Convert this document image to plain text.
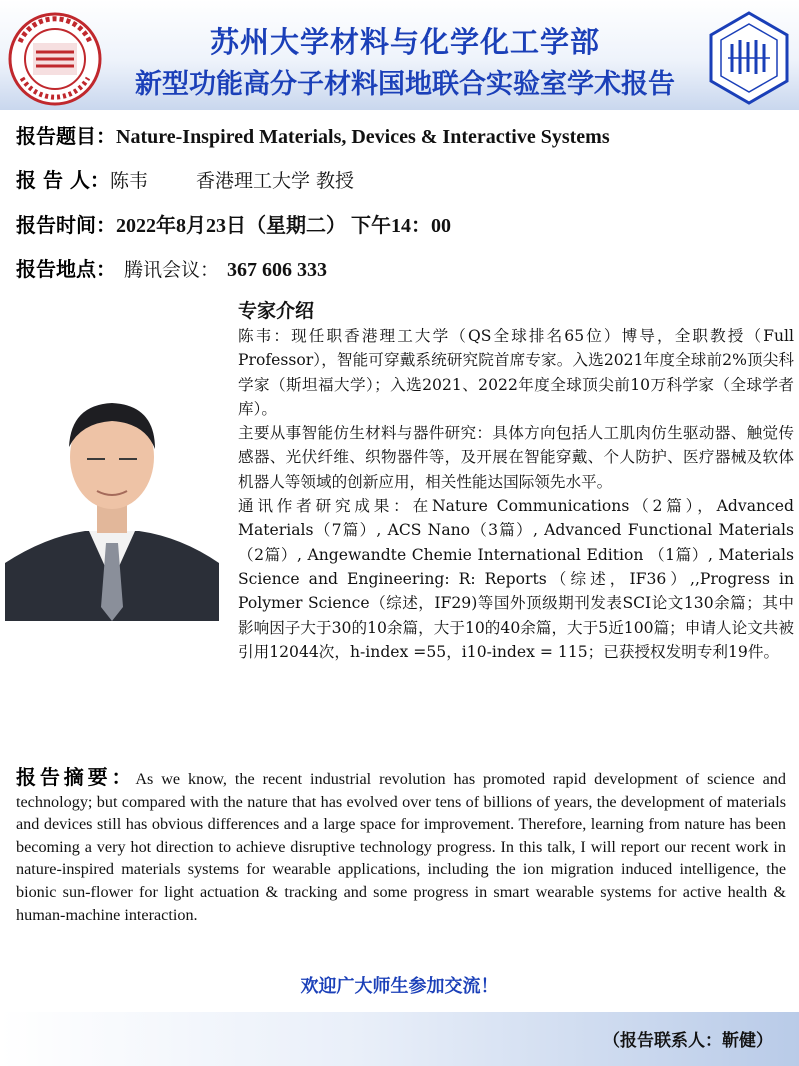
苏州大学材料与化学化工学部
新型功能高分子材料国地联合实验室学术报告
报告题目：Nature-Inspired Materials, Devices & Interactive Systems
报 告 人：陈韦	香港理工大学 教授
报告时间：2022年8月23日（星期二） 下午14：00
报告地点： 腾讯会议： 367 606 333
专家介绍

陈韦：现任职香港理工大学（QS全球排名65位）博导，全职教授（Full Professor），智能可穿戴系统研究院首席专家。入选2021年度全球前2%顶尖科学家（斯坦福大学）；入选2021、2022年度全球顶尖前10万科学家（全球学者库）。

主要从事智能仿生材料与器件研究：具体方向包括人工肌肉仿生驱动器、触觉传感器、光伏纤维、织物器件等，及开展在智能穿戴、个人防护、医疗器械及软体机器人等领域的创新应用，相关性能达国际领先水平。

通讯作者研究成果：在Nature Communications（2篇），Advanced Materials（7篇）, ACS Nano（3篇）, Advanced Functional Materials （2篇）, Angewandte Chemie International Edition （1篇）, Materials Science and Engineering: R: Reports（综述，IF36）,,Progress in Polymer Science（综述，IF29)等国外顶级期刊发表SCI论文130余篇；其中影响因子大于30的10余篇，大于10的40余篇，大于5近100篇；申请人论文共被引用12044次，h-index =55，i10-index = 115；已获授权发明专利19件。

报告摘要：As we know, the recent industrial revolution has promoted rapid development of science and technology; but compared with the nature that has evolved over tens of billions of years, the development of materials and devices still has obvious differences and a large space for improvement. Therefore, learning from nature has been becoming a very hot direction to achieve disruptive technology progress. In this talk, I will report our recent work in nature-inspired materials systems for wearable applications, including the ion migration induced intelligence, the bionic sun-flower for light actuation & tracking and some progress in smart wearable systems for active health & human-machine interaction.
欢迎广大师生参加交流！
（报告联系人：靳健）
